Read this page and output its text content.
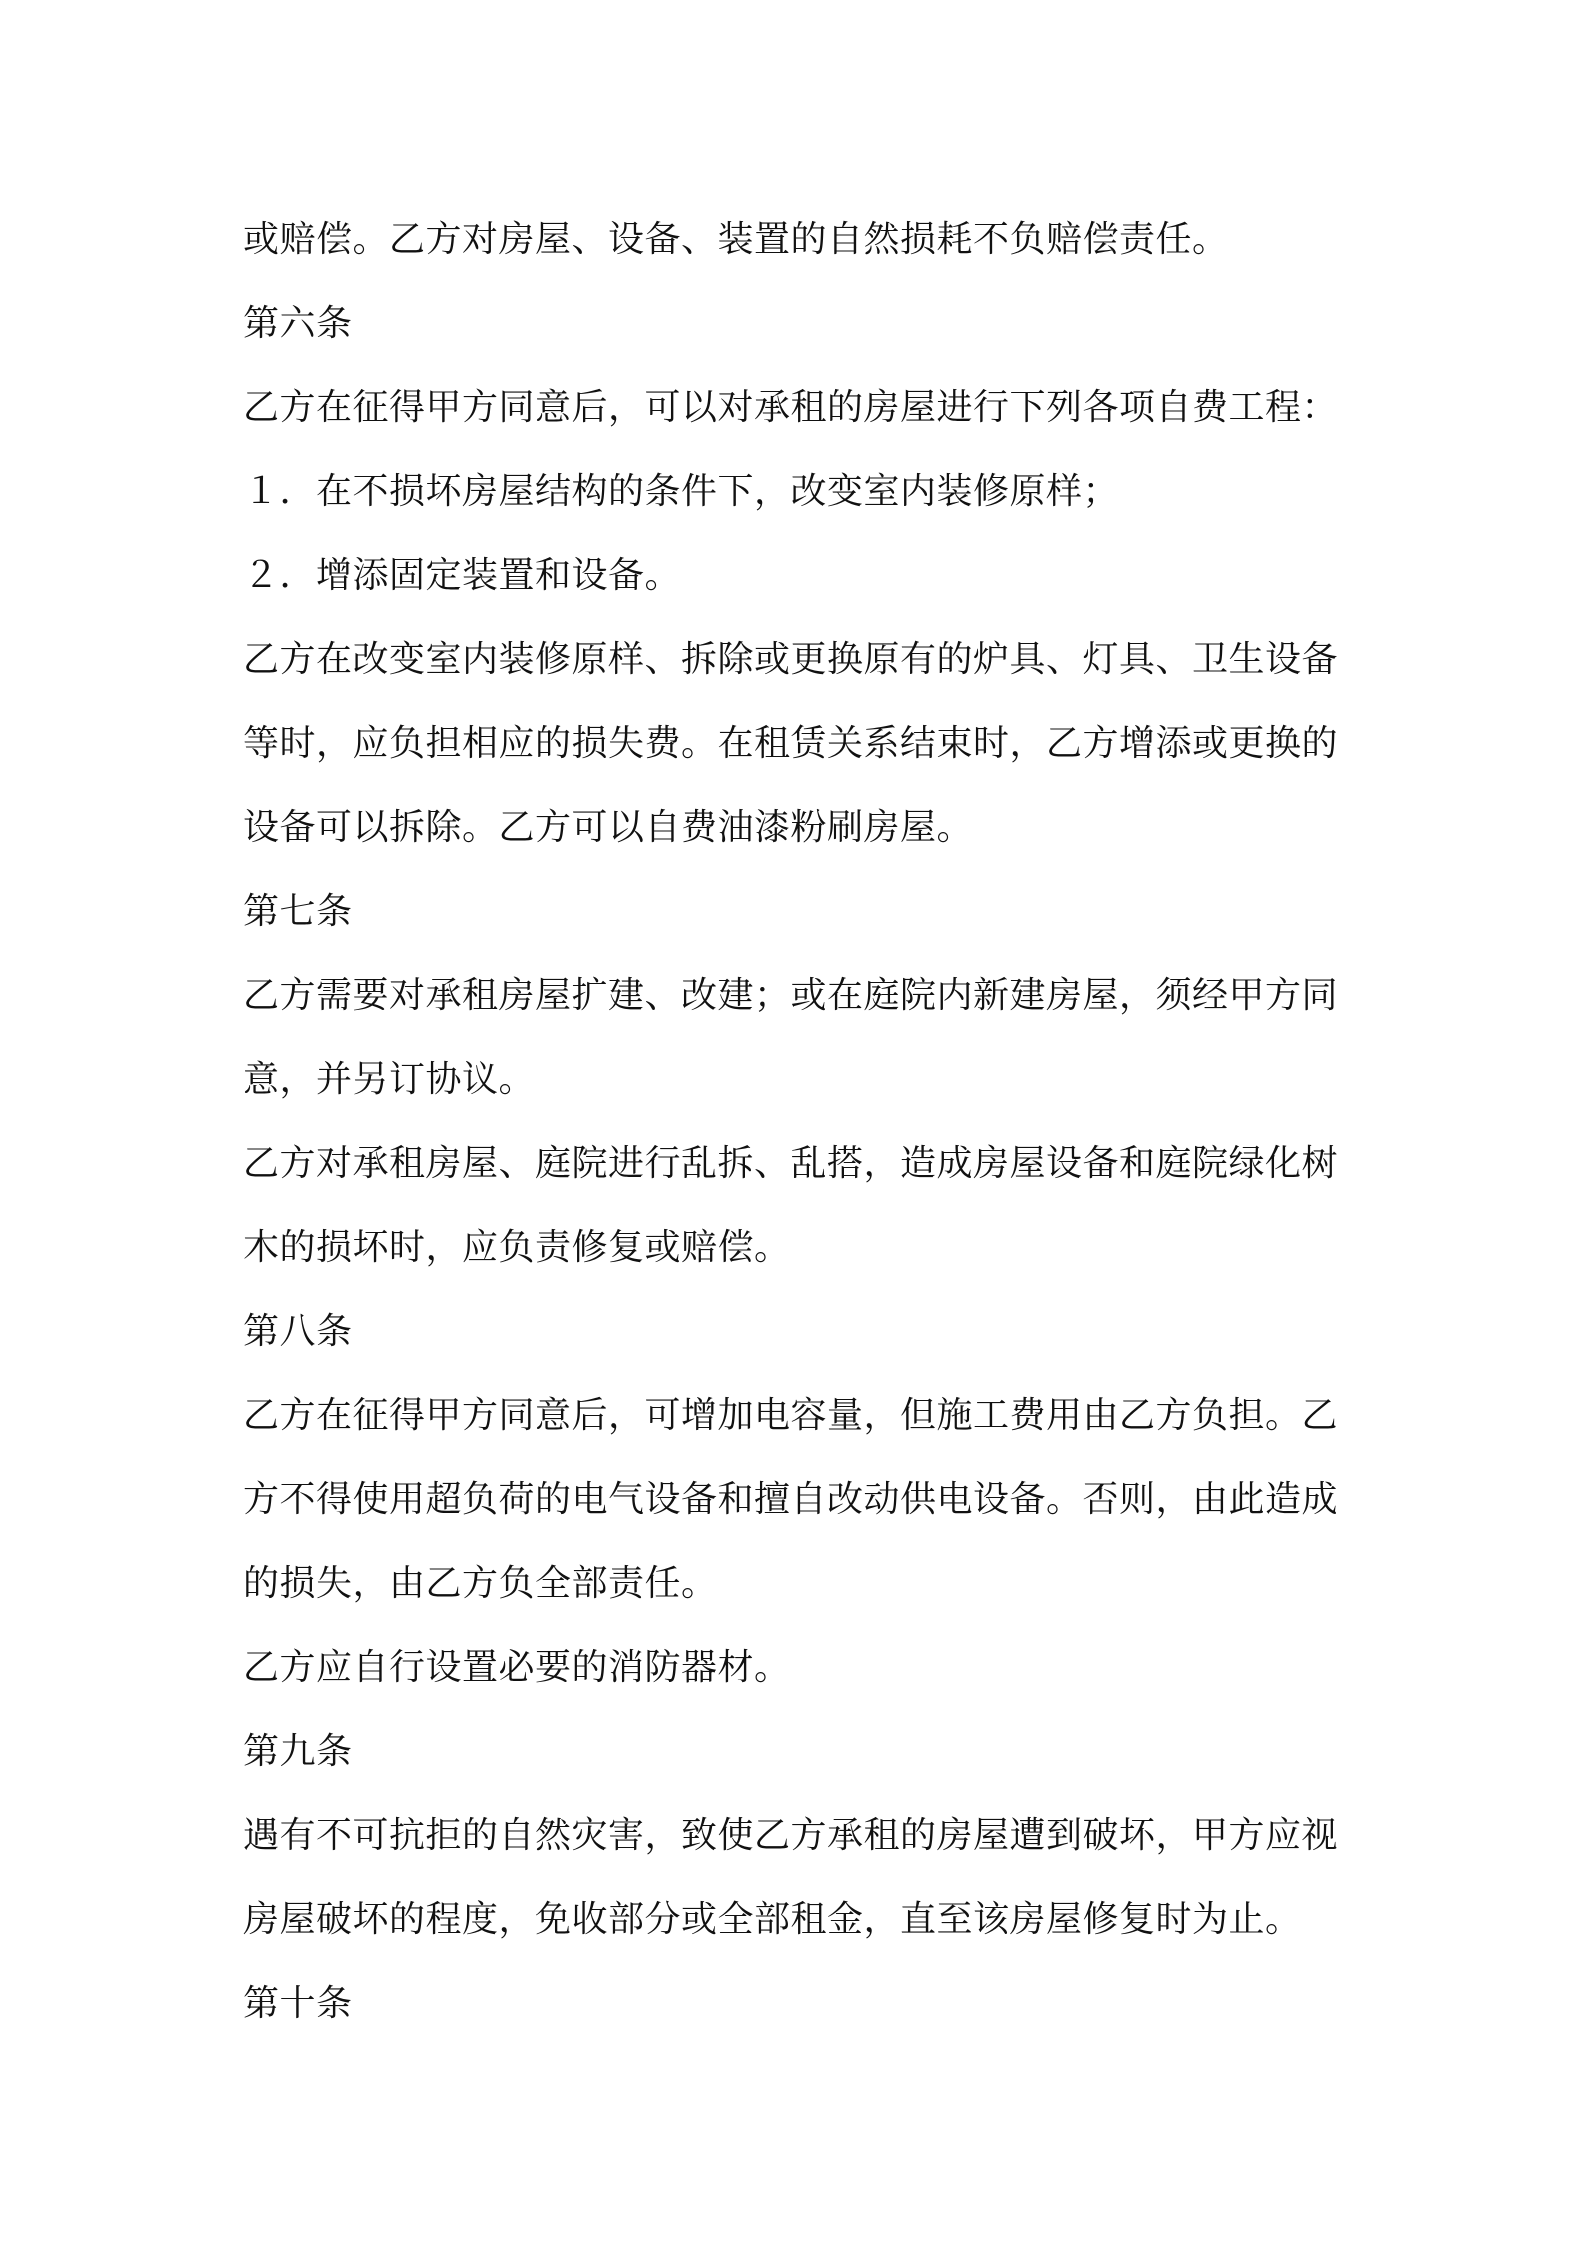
或赔偿。乙方对房屋、设备、装置的自然损耗不负赔偿责任。
第六条
乙方在征得甲方同意后，可以对承租的房屋进行下列各项自费工程：
１．在不损坏房屋结构的条件下，改变室内装修原样；
２．增添固定装置和设备。
乙方在改变室内装修原样、拆除或更换原有的炉具、灯具、卫生设备
等时，应负担相应的损失费。在租赁关系结束时，乙方增添或更换的
设备可以拆除。乙方可以自费油漆粉刷房屋。
第七条
乙方需要对承租房屋扩建、改建；或在庭院内新建房屋，须经甲方同
意，并另订协议。
乙方对承租房屋、庭院进行乱拆、乱搭，造成房屋设备和庭院绿化树
木的损坏时，应负责修复或赔偿。
第八条
乙方在征得甲方同意后，可增加电容量，但施工费用由乙方负担。乙
方不得使用超负荷的电气设备和擅自改动供电设备。否则，由此造成
的损失，由乙方负全部责任。
乙方应自行设置必要的消防器材。
第九条
遇有不可抗拒的自然灾害，致使乙方承租的房屋遭到破坏，甲方应视
房屋破坏的程度，免收部分或全部租金，直至该房屋修复时为止。
第十条
